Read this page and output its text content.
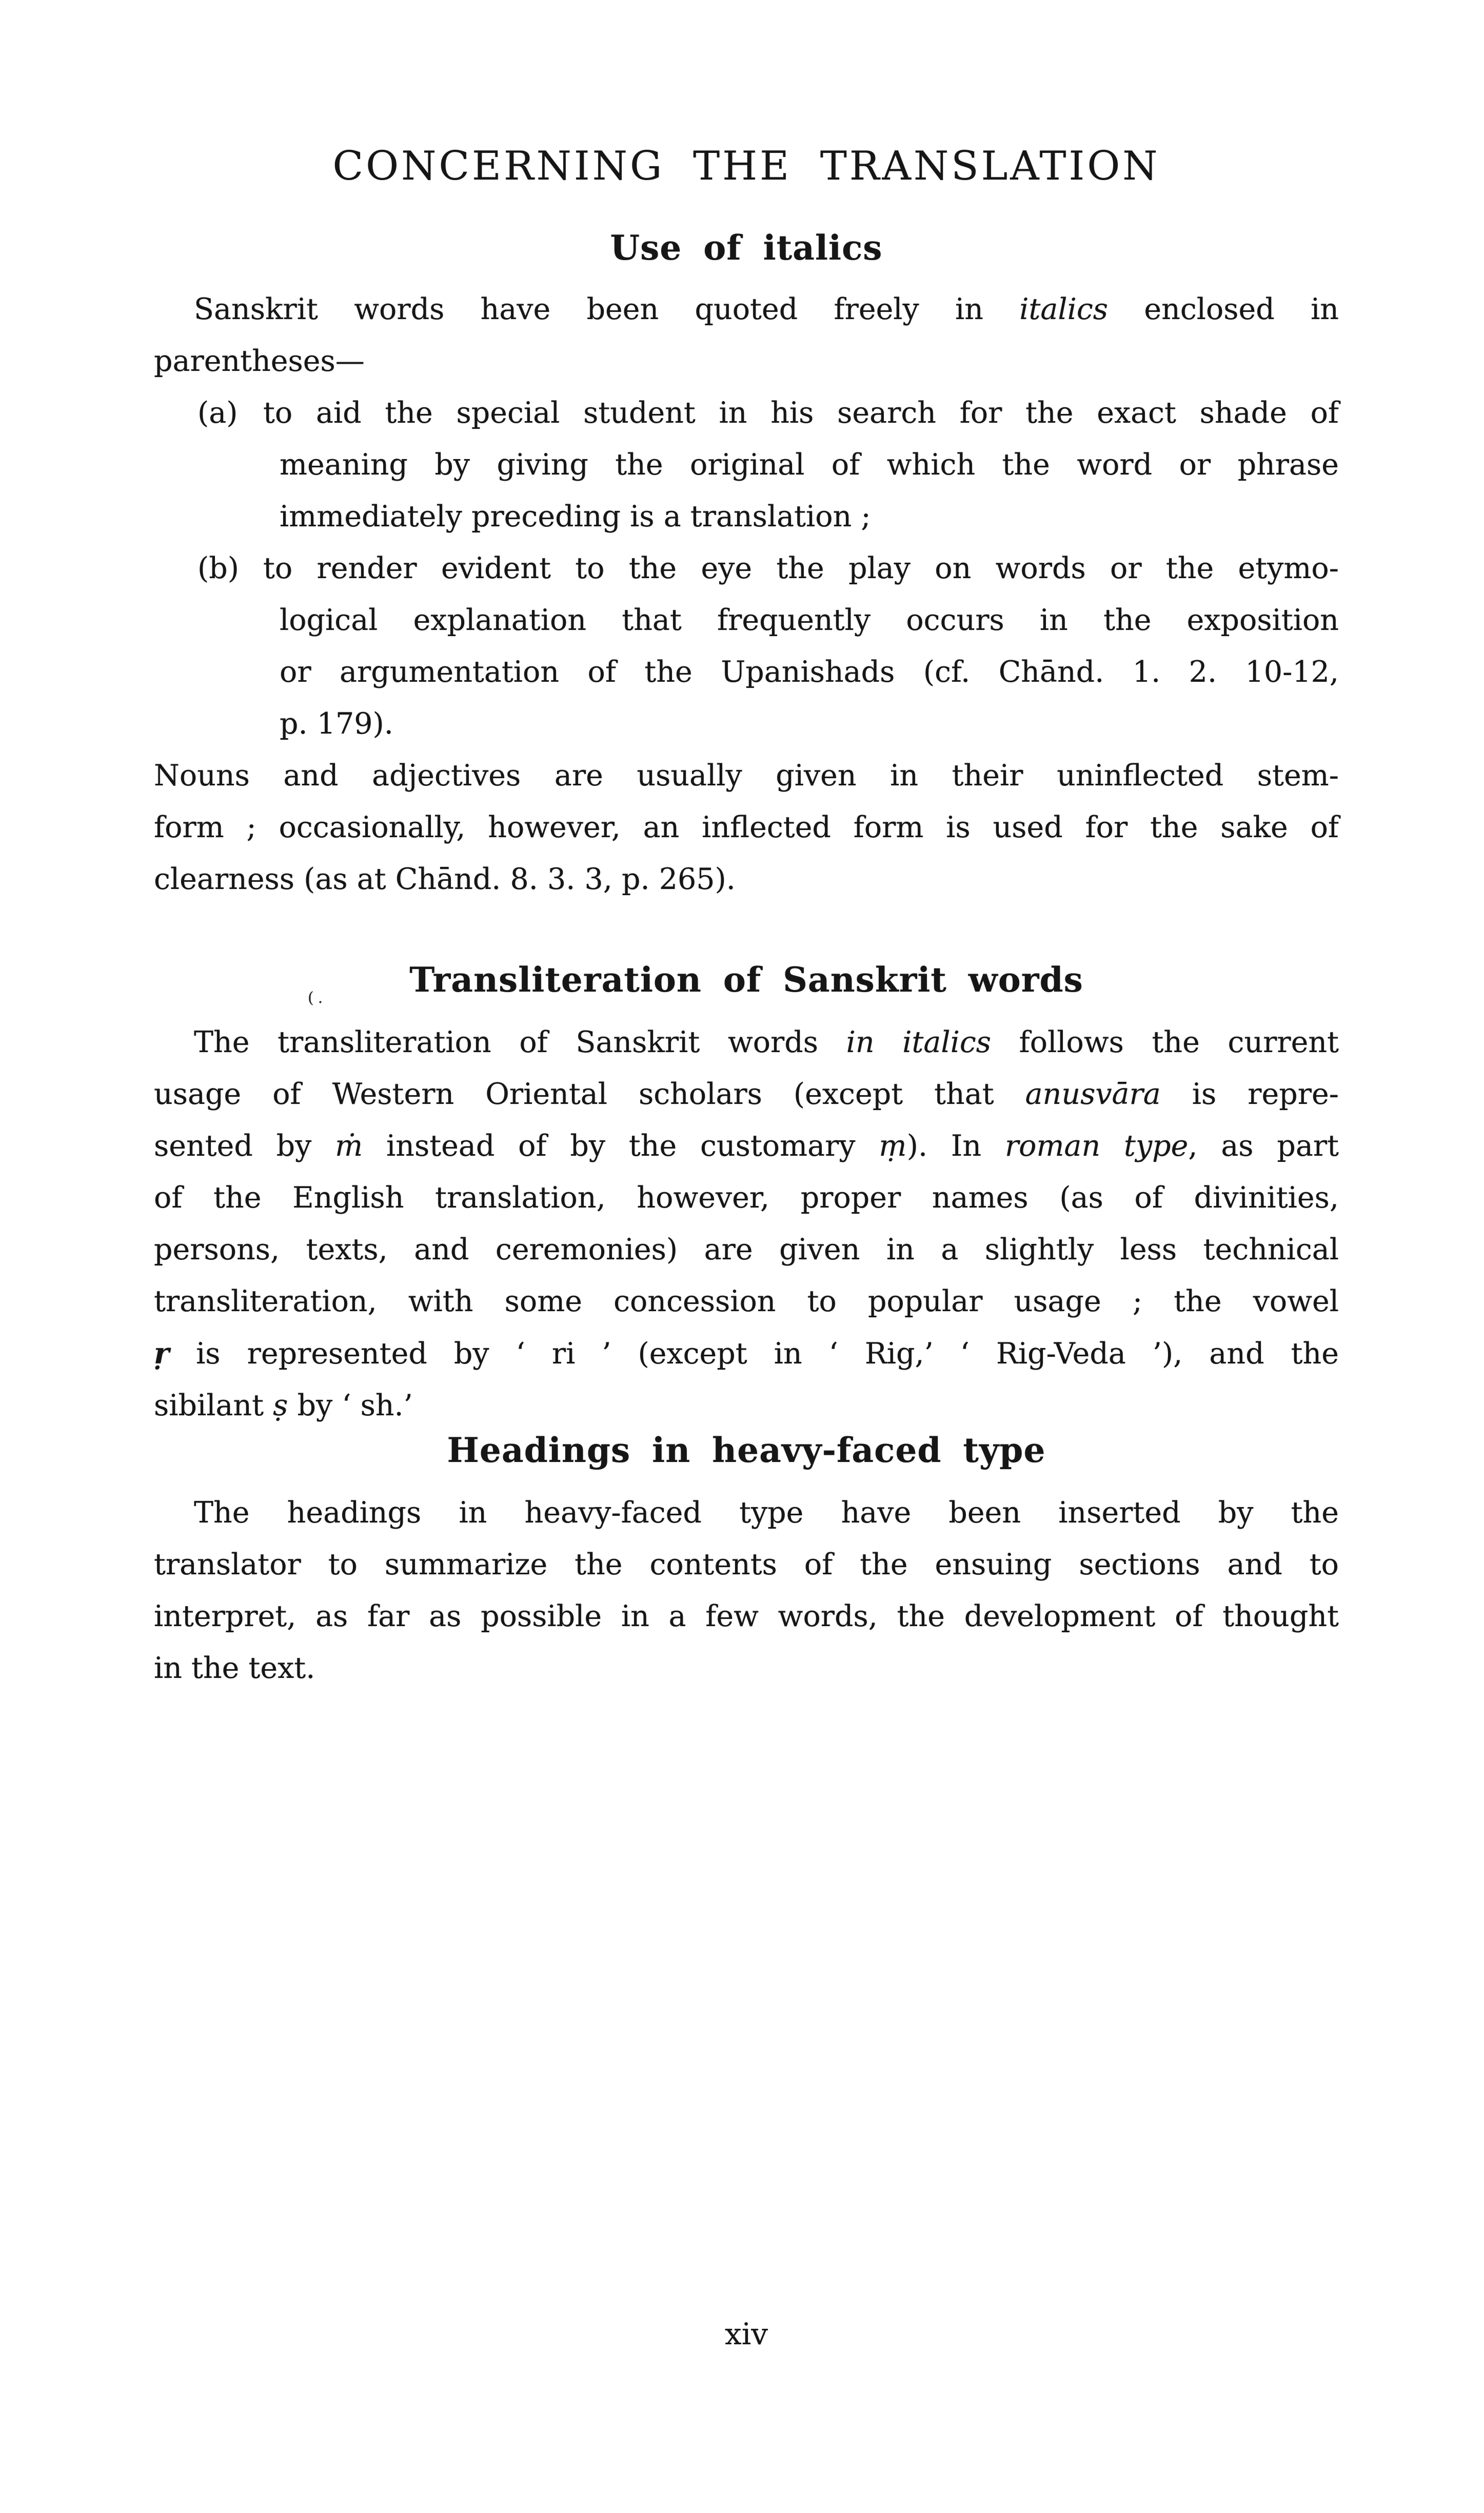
(.
CONCERNING THE TRANSLATION
Use of italics
Sanskrit words have been quoted freely in italics enclosed in
parentheses—
(a) to aid the special student in his search for the exact shade of
meaning by giving the original of which the word or phrase
immediately preceding is a translation ;
(b) to render evident to the eye the play on words or the etymo-
logical explanation that frequently occurs in the exposition
or argumentation of the Upanishads (cf. Chānd. 1. 2. 10-12,
p. 179).
Nouns and adjectives are usually given in their uninflected stem-
form ; occasionally, however, an inflected form is used for the sake of
clearness (as at Chānd. 8. 3. 3, p. 265).
Transliteration of Sanskrit words
The transliteration of Sanskrit words in italics follows the current
usage of Western Oriental scholars (except that anusvāra is repre-
sented by ṁ instead of by the customary ṃ). In roman type, as part
of the English translation, however, proper names (as of divinities,
persons, texts, and ceremonies) are given in a slightly less technical
transliteration, with some concession to popular usage ; the vowel
ṛ is represented by ‘ ri ’ (except in ‘ Rig,’ ‘ Rig-Veda ’), and the
sibilant ṣ by ‘ sh.’
Headings in heavy-faced type
The headings in heavy-faced type have been inserted by the
translator to summarize the contents of the ensuing sections and to
interpret, as far as possible in a few words, the development of thought
in the text.
xiv
